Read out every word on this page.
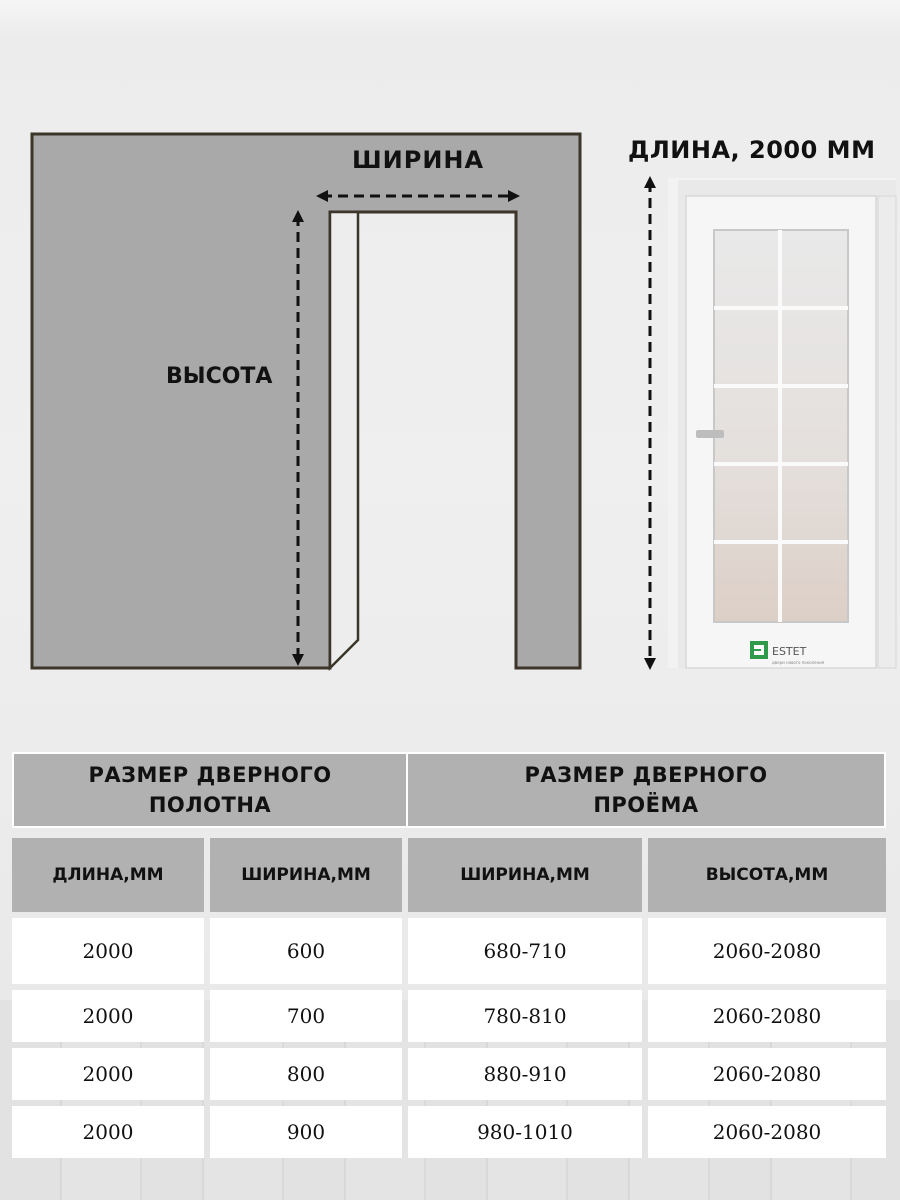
ESTET
двери нового поколения
ШИРИНА
ВЫСОТА
ДЛИНА, 2000 ММ
РАЗМЕР ДВЕРНОГО
ПОЛОТНА
РАЗМЕР ДВЕРНОГО
ПРОЁМА
ДЛИНА,ММ	ШИРИНА,ММ	ШИРИНА,ММ	ВЫСОТА,ММ
2000	600	680-710	2060-2080
2000	700	780-810	2060-2080
2000	800	880-910	2060-2080
2000	900	980-1010	2060-2080
